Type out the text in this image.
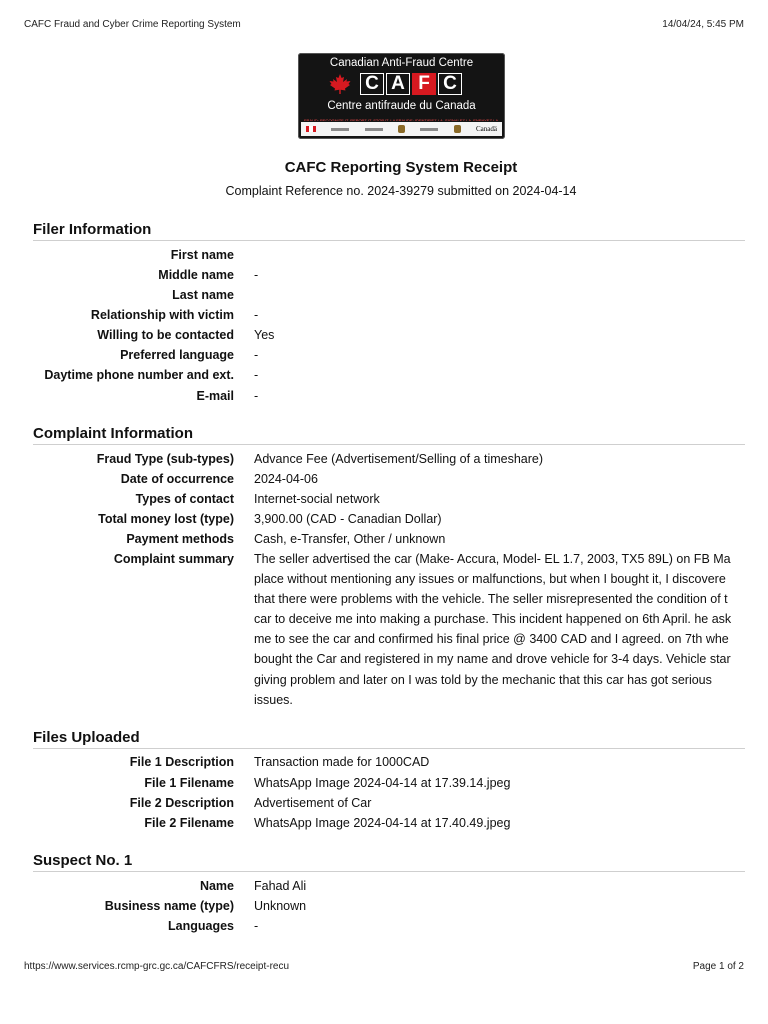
CAFC Fraud and Cyber Crime Reporting System	14/04/24, 5:45 PM
Canadian Anti-Fraud Centre
C A F C
Centre antifraude du Canada
FRAUD: RECOGNIZE IT. REPORT IT. STOP IT. LA FRAUDE: IDENTIFIEZ-LA. SIGNALEZ-LA. ENRAYEZ-LA.
Canadä
CAFC Reporting System Receipt
Complaint Reference no. 2024-39279 submitted on 2024-04-14
Filer Information
First name
Middle name -
Last name
Relationship with victim -
Willing to be contacted Yes
Preferred language -
Daytime phone number and ext. -
E-mail -
Complaint Information
Fraud Type (sub-types) Advance Fee (Advertisement/Selling of a timeshare)
Date of occurrence 2024-04-06
Types of contact Internet-social network
Total money lost (type) 3,900.00 (CAD - Canadian Dollar)
Payment methods Cash, e-Transfer, Other / unknown
Complaint summary The seller advertised the car (Make- Accura, Model- EL 1.7, 2003, TX5 89L) on FB Ma
place without mentioning any issues or malfunctions, but when I bought it, I discovere
that there were problems with the vehicle. The seller misrepresented the condition of t
car to deceive me into making a purchase. This incident happened on 6th April. he ask
me to see the car and confirmed his final price @ 3400 CAD and I agreed. on 7th whe
bought the Car and registered in my name and drove vehicle for 3-4 days. Vehicle star
giving problem and later on I was told by the mechanic that this car has got serious
issues.
Files Uploaded
File 1 Description Transaction made for 1000CAD
File 1 Filename WhatsApp Image 2024-04-14 at 17.39.14.jpeg
File 2 Description Advertisement of Car
File 2 Filename WhatsApp Image 2024-04-14 at 17.40.49.jpeg
Suspect No. 1
Name Fahad Ali
Business name (type) Unknown
Languages -
https://www.services.rcmp-grc.gc.ca/CAFCFRS/receipt-recu	Page 1 of 2
